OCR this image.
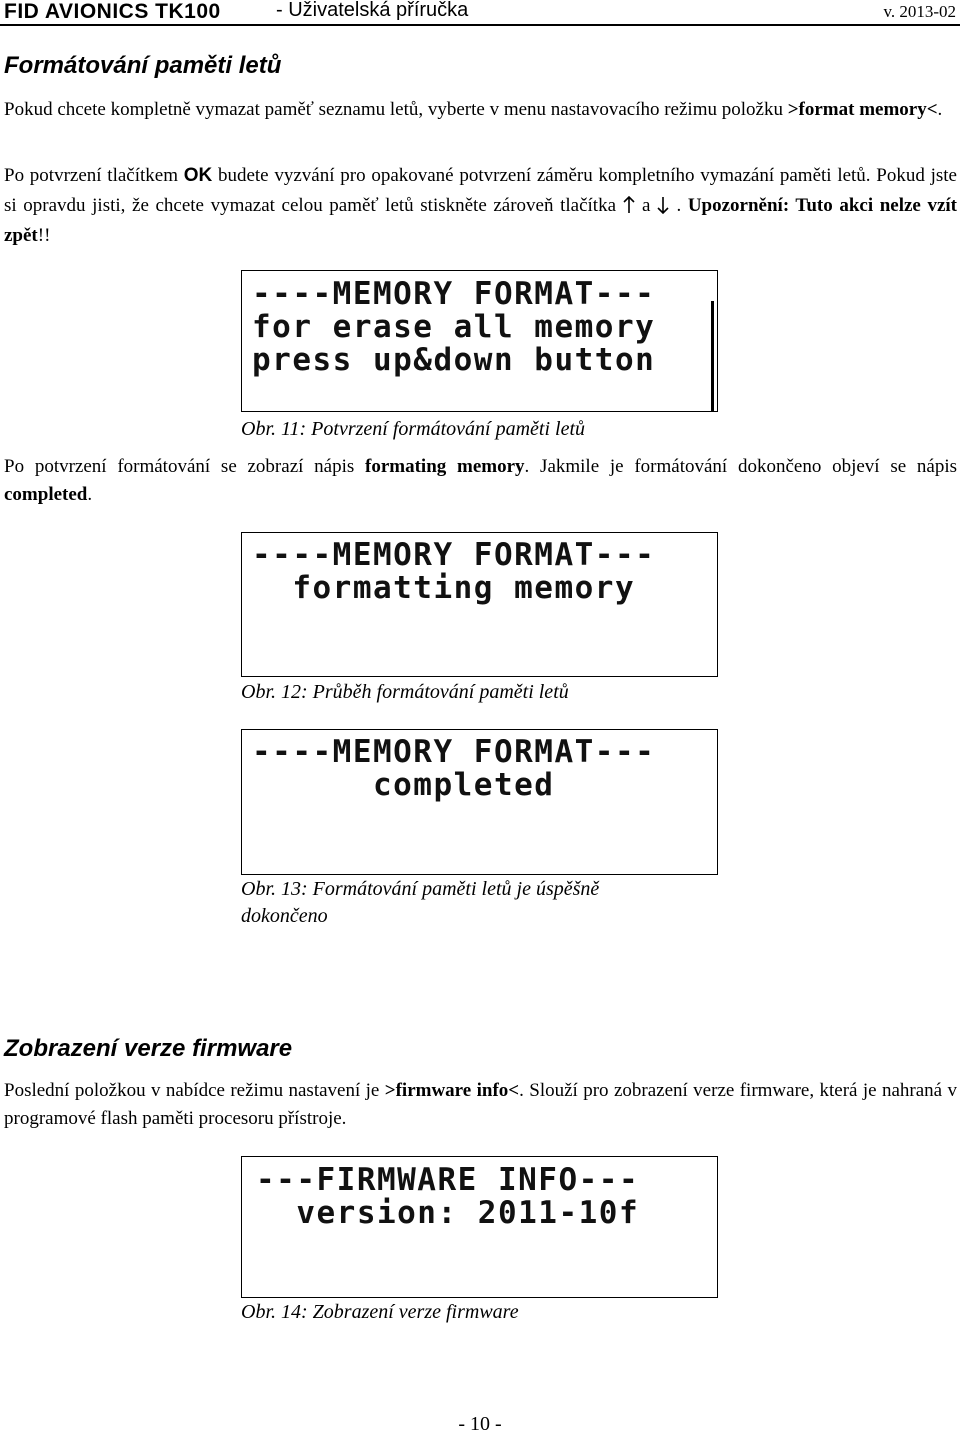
FID AVIONICS TK100	- Uživatelská příručka	v. 2013-02
Formátování paměti letů
Pokud chcete kompletně vymazat paměť seznamu letů, vyberte v menu nastavovacího režimu položku >format memory<.
Po potvrzení tlačítkem OK budete vyzvání pro opakované potvrzení záměru kompletního vymazání paměti letů. Pokud jste si opravdu jisti, že chcete vymazat celou paměť letů stiskněte zároveň tlačítka a . Upozornění: Tuto akci nelze vzít zpět!!
----MEMORY FORMAT---
for erase all memory
press up&down button
Obr. 11: Potvrzení formátování paměti letů
Po potvrzení formátování se zobrazí nápis formating memory. Jakmile je formátování dokončeno objeví se nápis completed.
----MEMORY FORMAT---
formatting memory
Obr. 12: Průběh formátování paměti letů
----MEMORY FORMAT---
completed
Obr. 13: Formátování paměti letů je úspěšně
dokončeno
Zobrazení verze firmware
Poslední položkou v nabídce režimu nastavení je >firmware info<. Slouží pro zobrazení verze firmware, která je nahraná v programové flash paměti procesoru přístroje.
---FIRMWARE INFO---
version: 2011-10f
Obr. 14: Zobrazení verze firmware
- 10 -
